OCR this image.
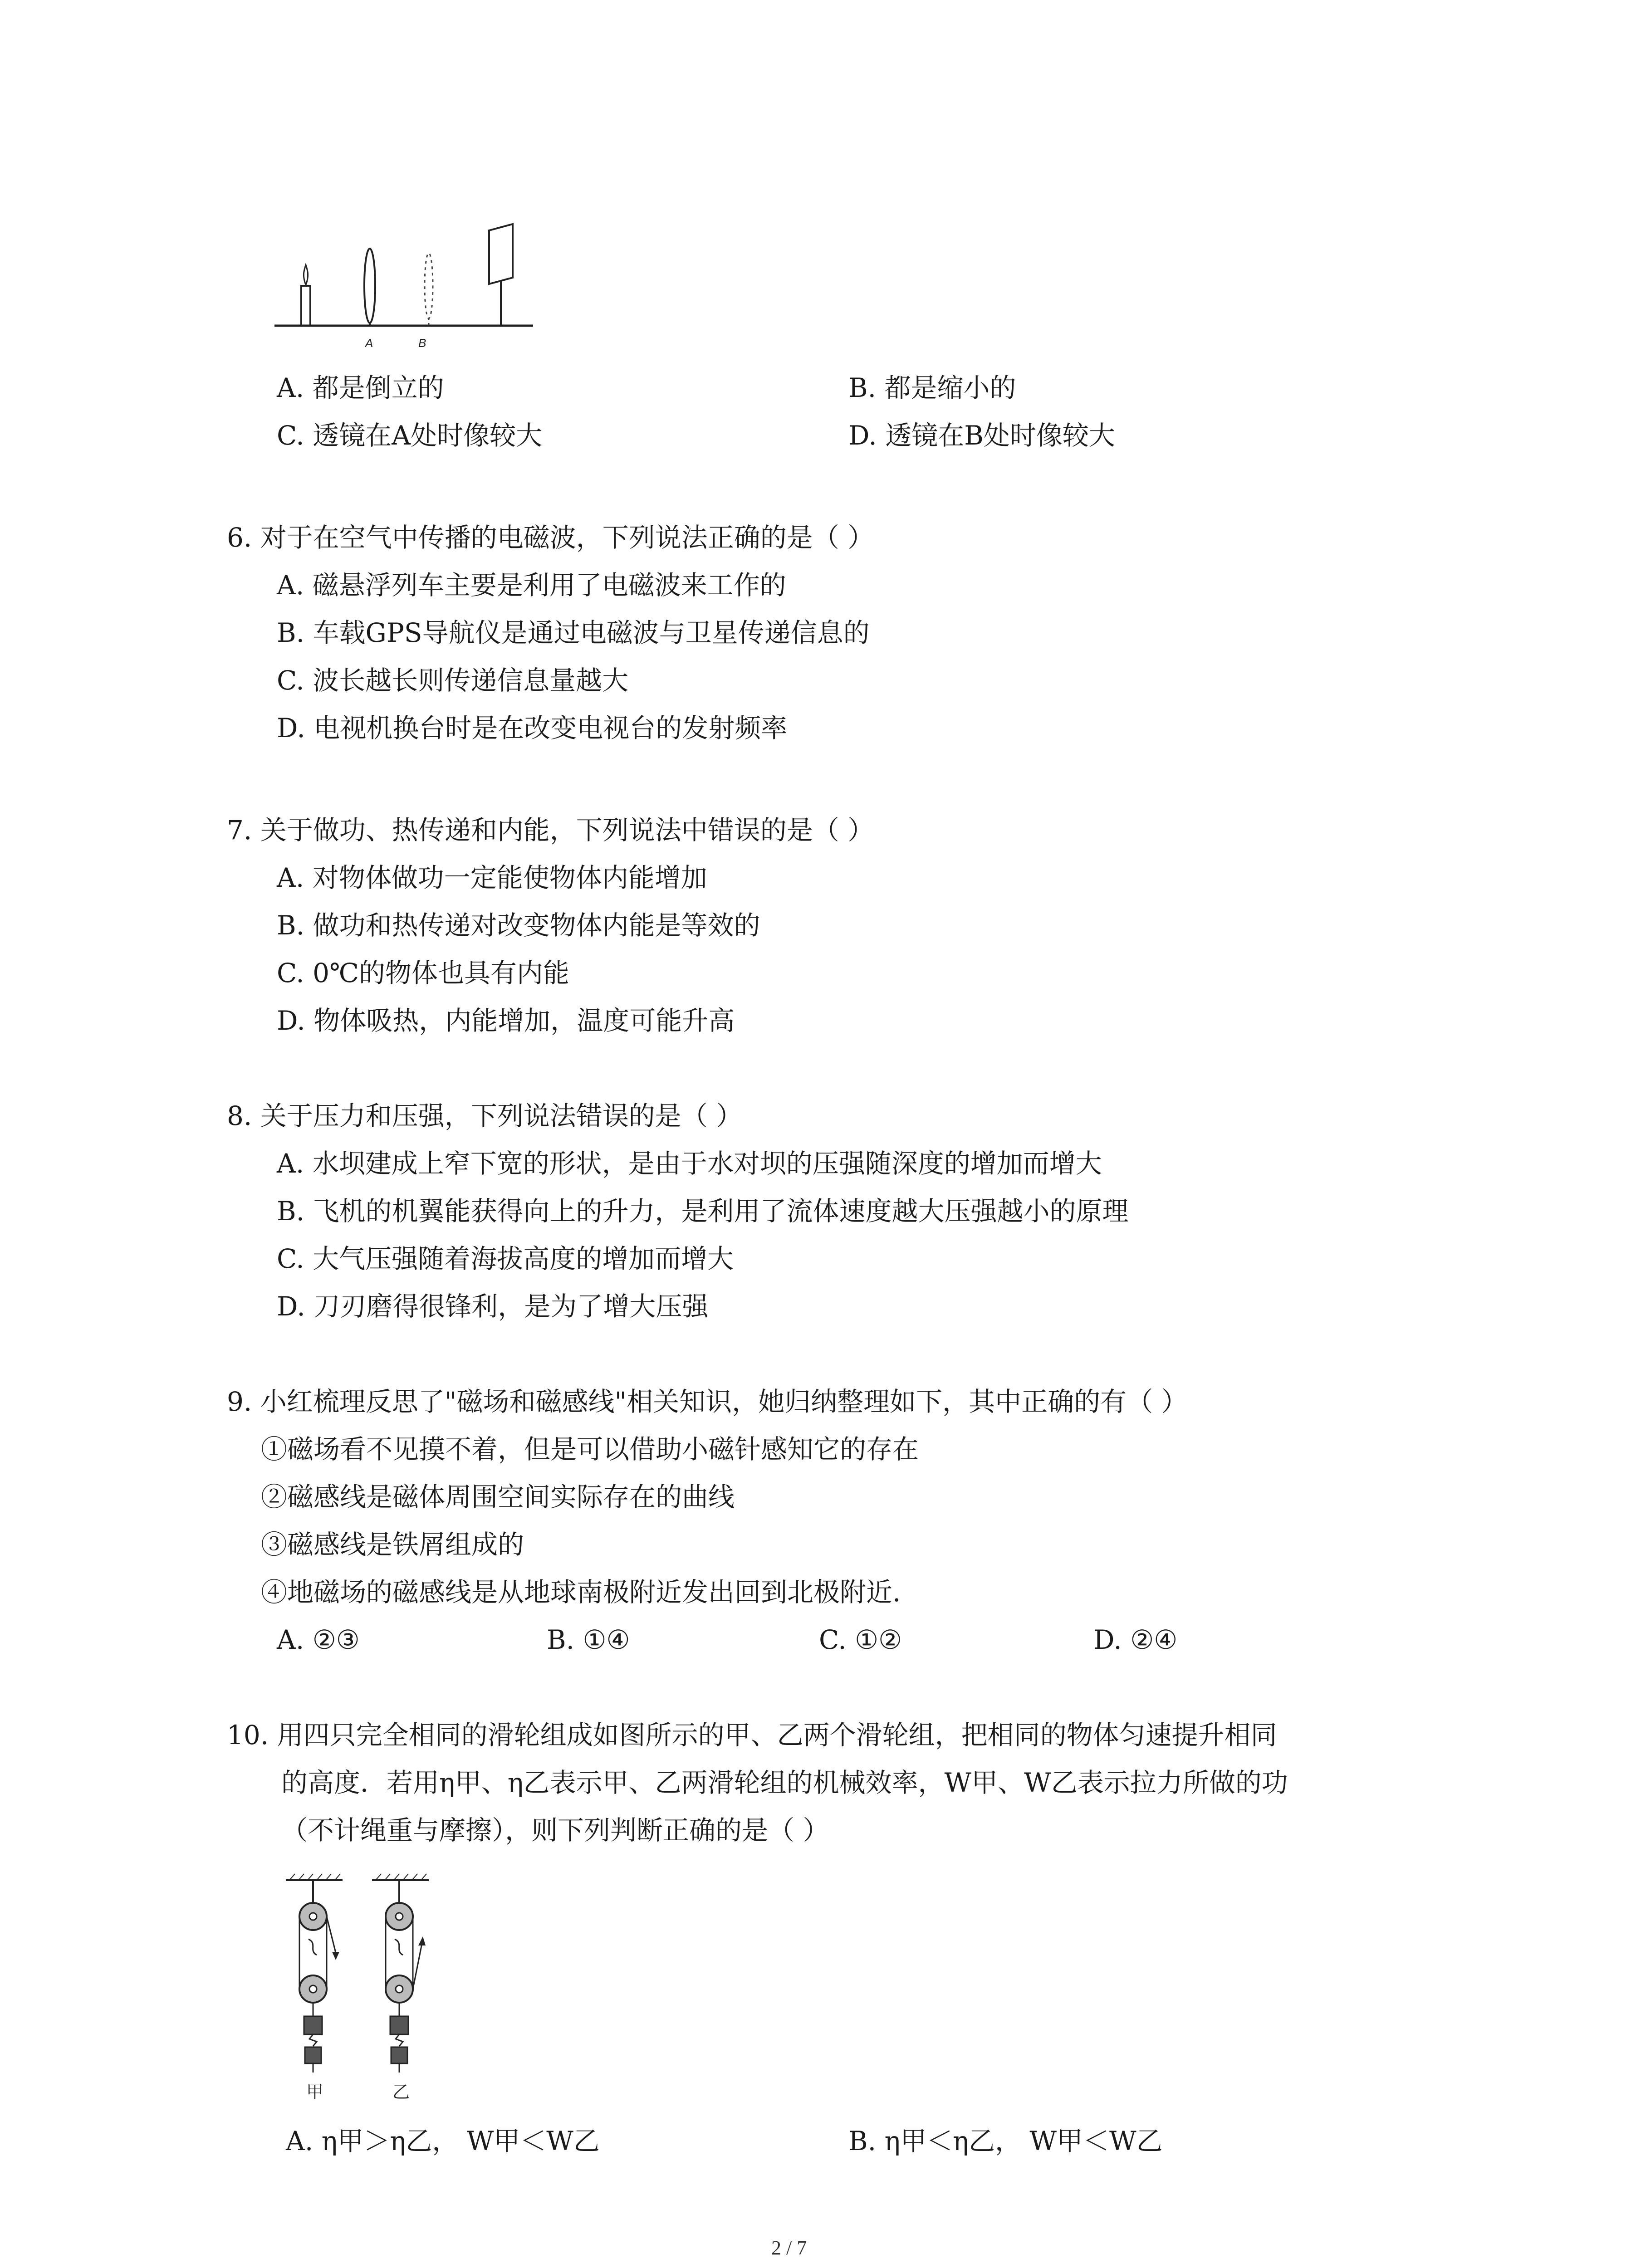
A	B
A. 都是倒立的	B. 都是缩小的
C. 透镜在A处时像较大	D. 透镜在B处时像较大
6. 对于在空气中传播的电磁波，下列说法正确的是（ ）
A. 磁悬浮列车主要是利用了电磁波来工作的
B. 车载GPS导航仪是通过电磁波与卫星传递信息的
C. 波长越长则传递信息量越大
D. 电视机换台时是在改变电视台的发射频率
7. 关于做功、热传递和内能，下列说法中错误的是（ ）
A. 对物体做功一定能使物体内能增加
B. 做功和热传递对改变物体内能是等效的
C. 0℃的物体也具有内能
D. 物体吸热，内能增加，温度可能升高
8. 关于压力和压强，下列说法错误的是（ ）
A. 水坝建成上窄下宽的形状，是由于水对坝的压强随深度的增加而增大
B. 飞机的机翼能获得向上的升力，是利用了流体速度越大压强越小的原理
C. 大气压强随着海拔高度的增加而增大
D. 刀刃磨得很锋利，是为了增大压强
9. 小红梳理反思了"磁场和磁感线"相关知识，她归纳整理如下，其中正确的有（ ）
①磁场看不见摸不着，但是可以借助小磁针感知它的存在
②磁感线是磁体周围空间实际存在的曲线
③磁感线是铁屑组成的
④地磁场的磁感线是从地球南极附近发出回到北极附近.
A. ②③	B. ①④	C. ①②	D. ②④
10. 用四只完全相同的滑轮组成如图所示的甲、乙两个滑轮组，把相同的物体匀速提升相同
的高度．若用η甲、η乙表示甲、乙两滑轮组的机械效率，W甲、W乙表示拉力所做的功
（不计绳重与摩擦），则下列判断正确的是（ ）
甲	乙
A. η甲＞η乙， W甲＜W乙	B. η甲＜η乙， W甲＜W乙
2 / 7
